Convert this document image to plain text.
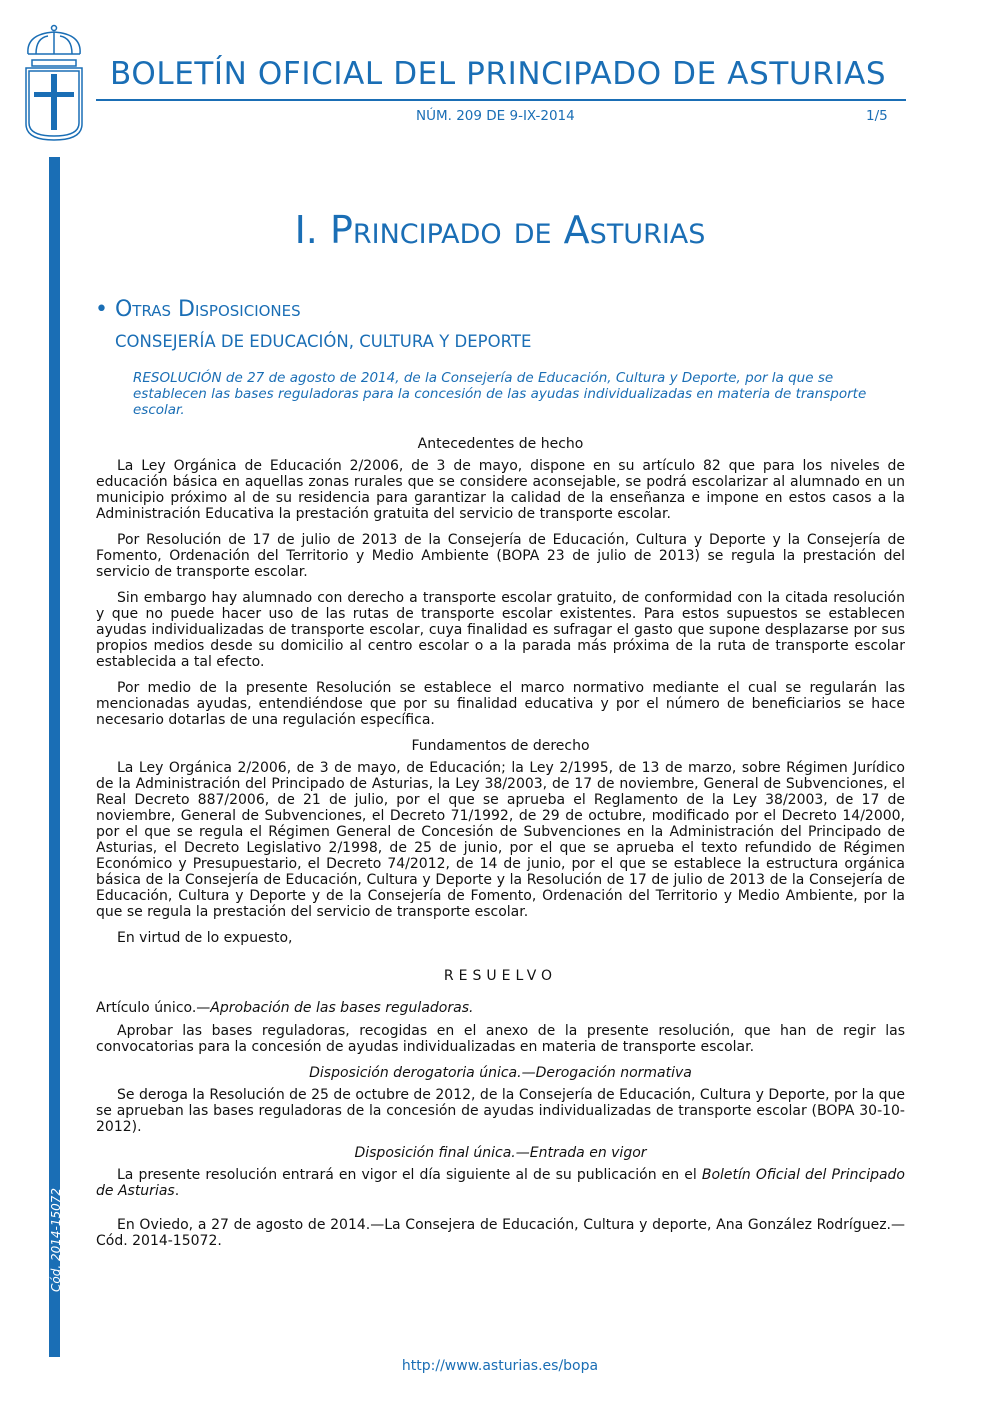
BOLETÍN OFICIAL DEL PRINCIPADO DE ASTURIAS
NÚM. 209 DE 9-IX-2014	1/5
Cód. 2014-15072
I. Principado de Asturias
• Otras Disposiciones
CONSEJERÍA DE EDUCACIÓN, CULTURA Y DEPORTE
RESOLUCIÓN de 27 de agosto de 2014, de la Consejería de Educación, Cultura y Deporte, por la que se establecen las bases reguladoras para la concesión de las ayudas individualizadas en materia de transporte escolar.
Antecedentes de hecho

La Ley Orgánica de Educación 2/2006, de 3 de mayo, dispone en su artículo 82 que para los niveles de educación básica en aquellas zonas rurales que se considere aconsejable, se podrá escolarizar al alumnado en un municipio próximo al de su residencia para garantizar la calidad de la enseñanza e impone en estos casos a la Administración Educativa la prestación gratuita del servicio de transporte escolar.

Por Resolución de 17 de julio de 2013 de la Consejería de Educación, Cultura y Deporte y la Consejería de Fomento, Ordenación del Territorio y Medio Ambiente (BOPA 23 de julio de 2013) se regula la prestación del servicio de transporte escolar.

Sin embargo hay alumnado con derecho a transporte escolar gratuito, de conformidad con la citada resolución y que no puede hacer uso de las rutas de transporte escolar existentes. Para estos supuestos se establecen ayudas individualizadas de transporte escolar, cuya finalidad es sufragar el gasto que supone desplazarse por sus propios medios desde su domicilio al centro escolar o a la parada más próxima de la ruta de transporte escolar establecida a tal efecto.

Por medio de la presente Resolución se establece el marco normativo mediante el cual se regularán las mencionadas ayudas, entendiéndose que por su finalidad educativa y por el número de beneficiarios se hace necesario dotarlas de una regulación específica.

Fundamentos de derecho

La Ley Orgánica 2/2006, de 3 de mayo, de Educación; la Ley 2/1995, de 13 de marzo, sobre Régimen Jurídico de la Administración del Principado de Asturias, la Ley 38/2003, de 17 de noviembre, General de Subvenciones, el Real Decreto 887/2006, de 21 de julio, por el que se aprueba el Reglamento de la Ley 38/2003, de 17 de noviembre, General de Subvenciones, el Decreto 71/1992, de 29 de octubre, modificado por el Decreto 14/2000, por el que se regula el Régimen General de Concesión de Subvenciones en la Administración del Principado de Asturias, el Decreto Legislativo 2/1998, de 25 de junio, por el que se aprueba el texto refundido de Régimen Económico y Presupuestario, el Decreto 74/2012, de 14 de junio, por el que se establece la estructura orgánica básica de la Consejería de Educación, Cultura y Deporte y la Resolución de 17 de julio de 2013 de la Consejería de Educación, Cultura y Deporte y de la Consejería de Fomento, Ordenación del Territorio y Medio Ambiente, por la que se regula la prestación del servicio de transporte escolar.

En virtud de lo expuesto,

RESUELVO

Artículo único.—Aprobación de las bases reguladoras.

Aprobar las bases reguladoras, recogidas en el anexo de la presente resolución, que han de regir las convocatorias para la concesión de ayudas individualizadas en materia de transporte escolar.

Disposición derogatoria única.—Derogación normativa

Se deroga la Resolución de 25 de octubre de 2012, de la Consejería de Educación, Cultura y Deporte, por la que se aprueban las bases reguladoras de la concesión de ayudas individualizadas de transporte escolar (BOPA 30-10-2012).

Disposición final única.—Entrada en vigor

La presente resolución entrará en vigor el día siguiente al de su publicación en el Boletín Oficial del Principado de Asturias.

En Oviedo, a 27 de agosto de 2014.—La Consejera de Educación, Cultura y deporte, Ana González Rodríguez.—Cód. 2014-15072.

http://www.asturias.es/bopa
